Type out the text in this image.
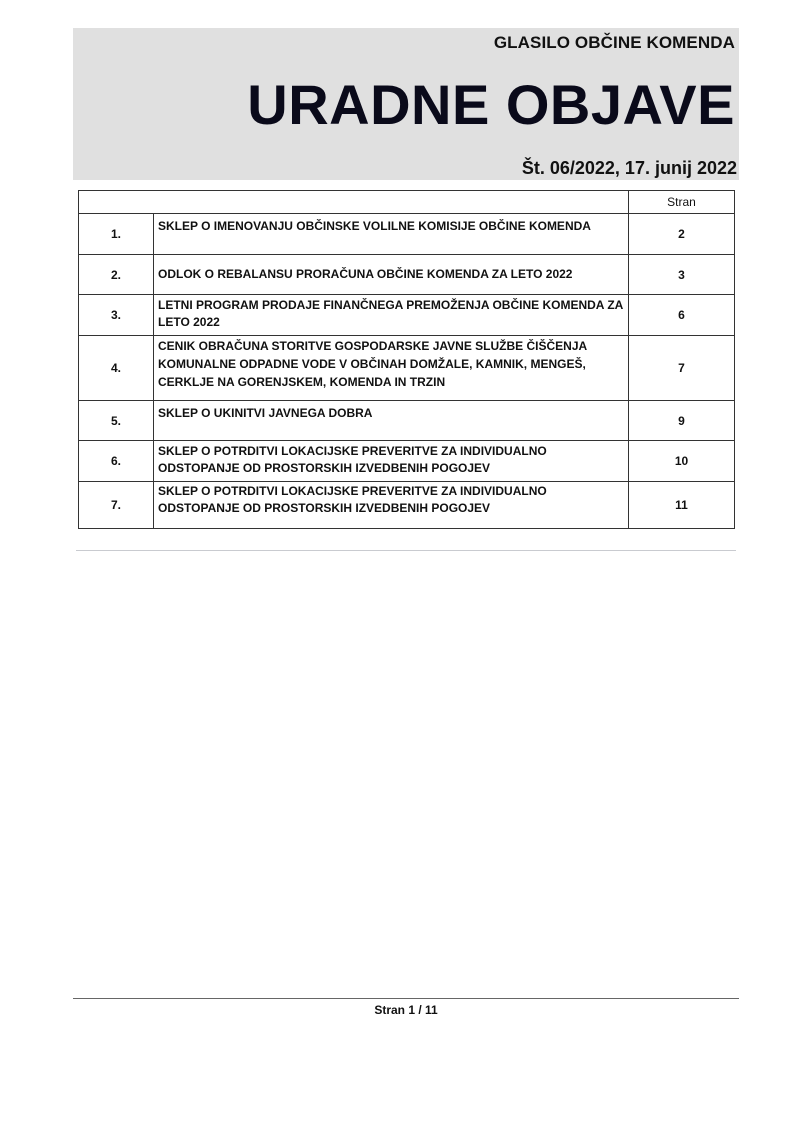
GLASILO OBČINE KOMENDA
URADNE OBJAVE
Št. 06/2022, 17. junij 2022
		Stran
1.	SKLEP O IMENOVANJU OBČINSKE VOLILNE KOMISIJE OBČINE KOMENDA	2
2.	ODLOK O REBALANSU PRORAČUNA OBČINE KOMENDA ZA LETO 2022	3
3.	LETNI PROGRAM PRODAJE FINANČNEGA PREMOŽENJA OBČINE KOMENDA ZA LETO 2022	6
4.	CENIK OBRAČUNA STORITVE GOSPODARSKE JAVNE SLUŽBE ČIŠČENJA KOMUNALNE ODPADNE VODE V OBČINAH DOMŽALE, KAMNIK, MENGEŠ, CERKLJE NA GORENJSKEM, KOMENDA IN TRZIN	7
5.	SKLEP O UKINITVI JAVNEGA DOBRA	9
6.	SKLEP O POTRDITVI LOKACIJSKE PREVERITVE ZA INDIVIDUALNO ODSTOPANJE OD PROSTORSKIH IZVEDBENIH POGOJEV	10
7.	SKLEP O POTRDITVI LOKACIJSKE PREVERITVE ZA INDIVIDUALNO ODSTOPANJE OD PROSTORSKIH IZVEDBENIH POGOJEV	11
Stran 1 / 11
